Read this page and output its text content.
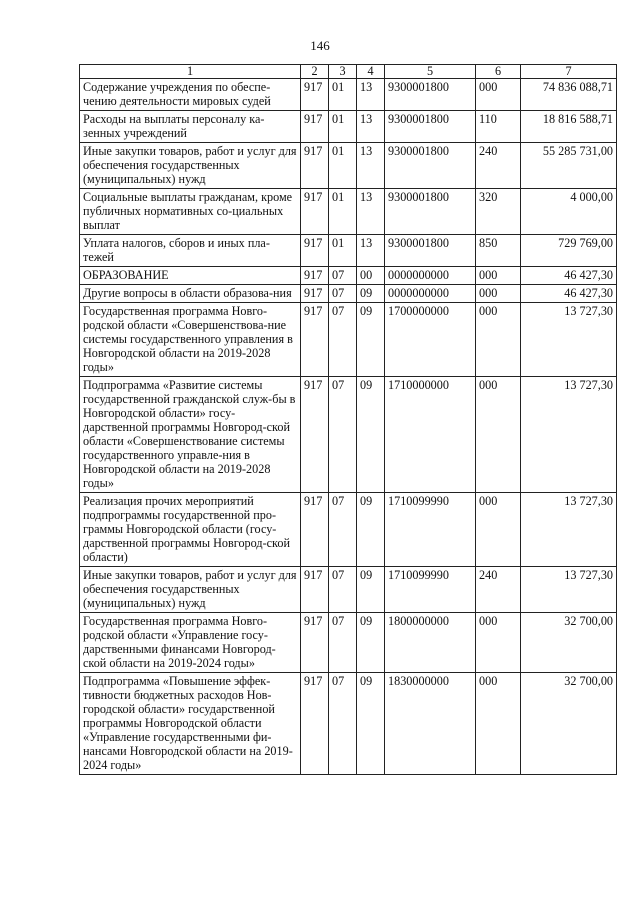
146
1	2	3	4	5	6	7
Содержание учреждения по обеспе-чению деятельности мировых судей	917	01	13	9300001800	000	74 836 088,71
Расходы на выплаты персоналу ка-зенных учреждений	917	01	13	9300001800	110	18 816 588,71
Иные закупки товаров, работ и услуг для обеспечения государственных (муниципальных) нужд	917	01	13	9300001800	240	55 285 731,00
Социальные выплаты гражданам, кроме публичных нормативных со-циальных выплат	917	01	13	9300001800	320	4 000,00
Уплата налогов, сборов и иных пла-тежей	917	01	13	9300001800	850	729 769,00
ОБРАЗОВАНИЕ	917	07	00	0000000000	000	46 427,30
Другие вопросы в области образова-ния	917	07	09	0000000000	000	46 427,30
Государственная программа Новго-родской области «Совершенствова-ние системы государственного управления в Новгородской области на 2019-2028 годы»	917	07	09	1700000000	000	13 727,30
Подпрограмма «Развитие системы государственной гражданской служ-бы в Новгородской области» госу-дарственной программы Новгород-ской области «Совершенствование системы государственного управле-ния в Новгородской области на 2019-2028 годы»	917	07	09	1710000000	000	13 727,30
Реализация прочих мероприятий подпрограммы государственной про-граммы Новгородской области (госу-дарственной программы Новгород-ской области)	917	07	09	1710099990	000	13 727,30
Иные закупки товаров, работ и услуг для обеспечения государственных (муниципальных) нужд	917	07	09	1710099990	240	13 727,30
Государственная программа Новго-родской области «Управление госу-дарственными финансами Новгород-ской области на 2019-2024 годы»	917	07	09	1800000000	000	32 700,00
Подпрограмма «Повышение эффек-тивности бюджетных расходов Нов-городской области» государственной программы Новгородской области «Управление государственными фи-нансами Новгородской области на 2019-2024 годы»	917	07	09	1830000000	000	32 700,00
